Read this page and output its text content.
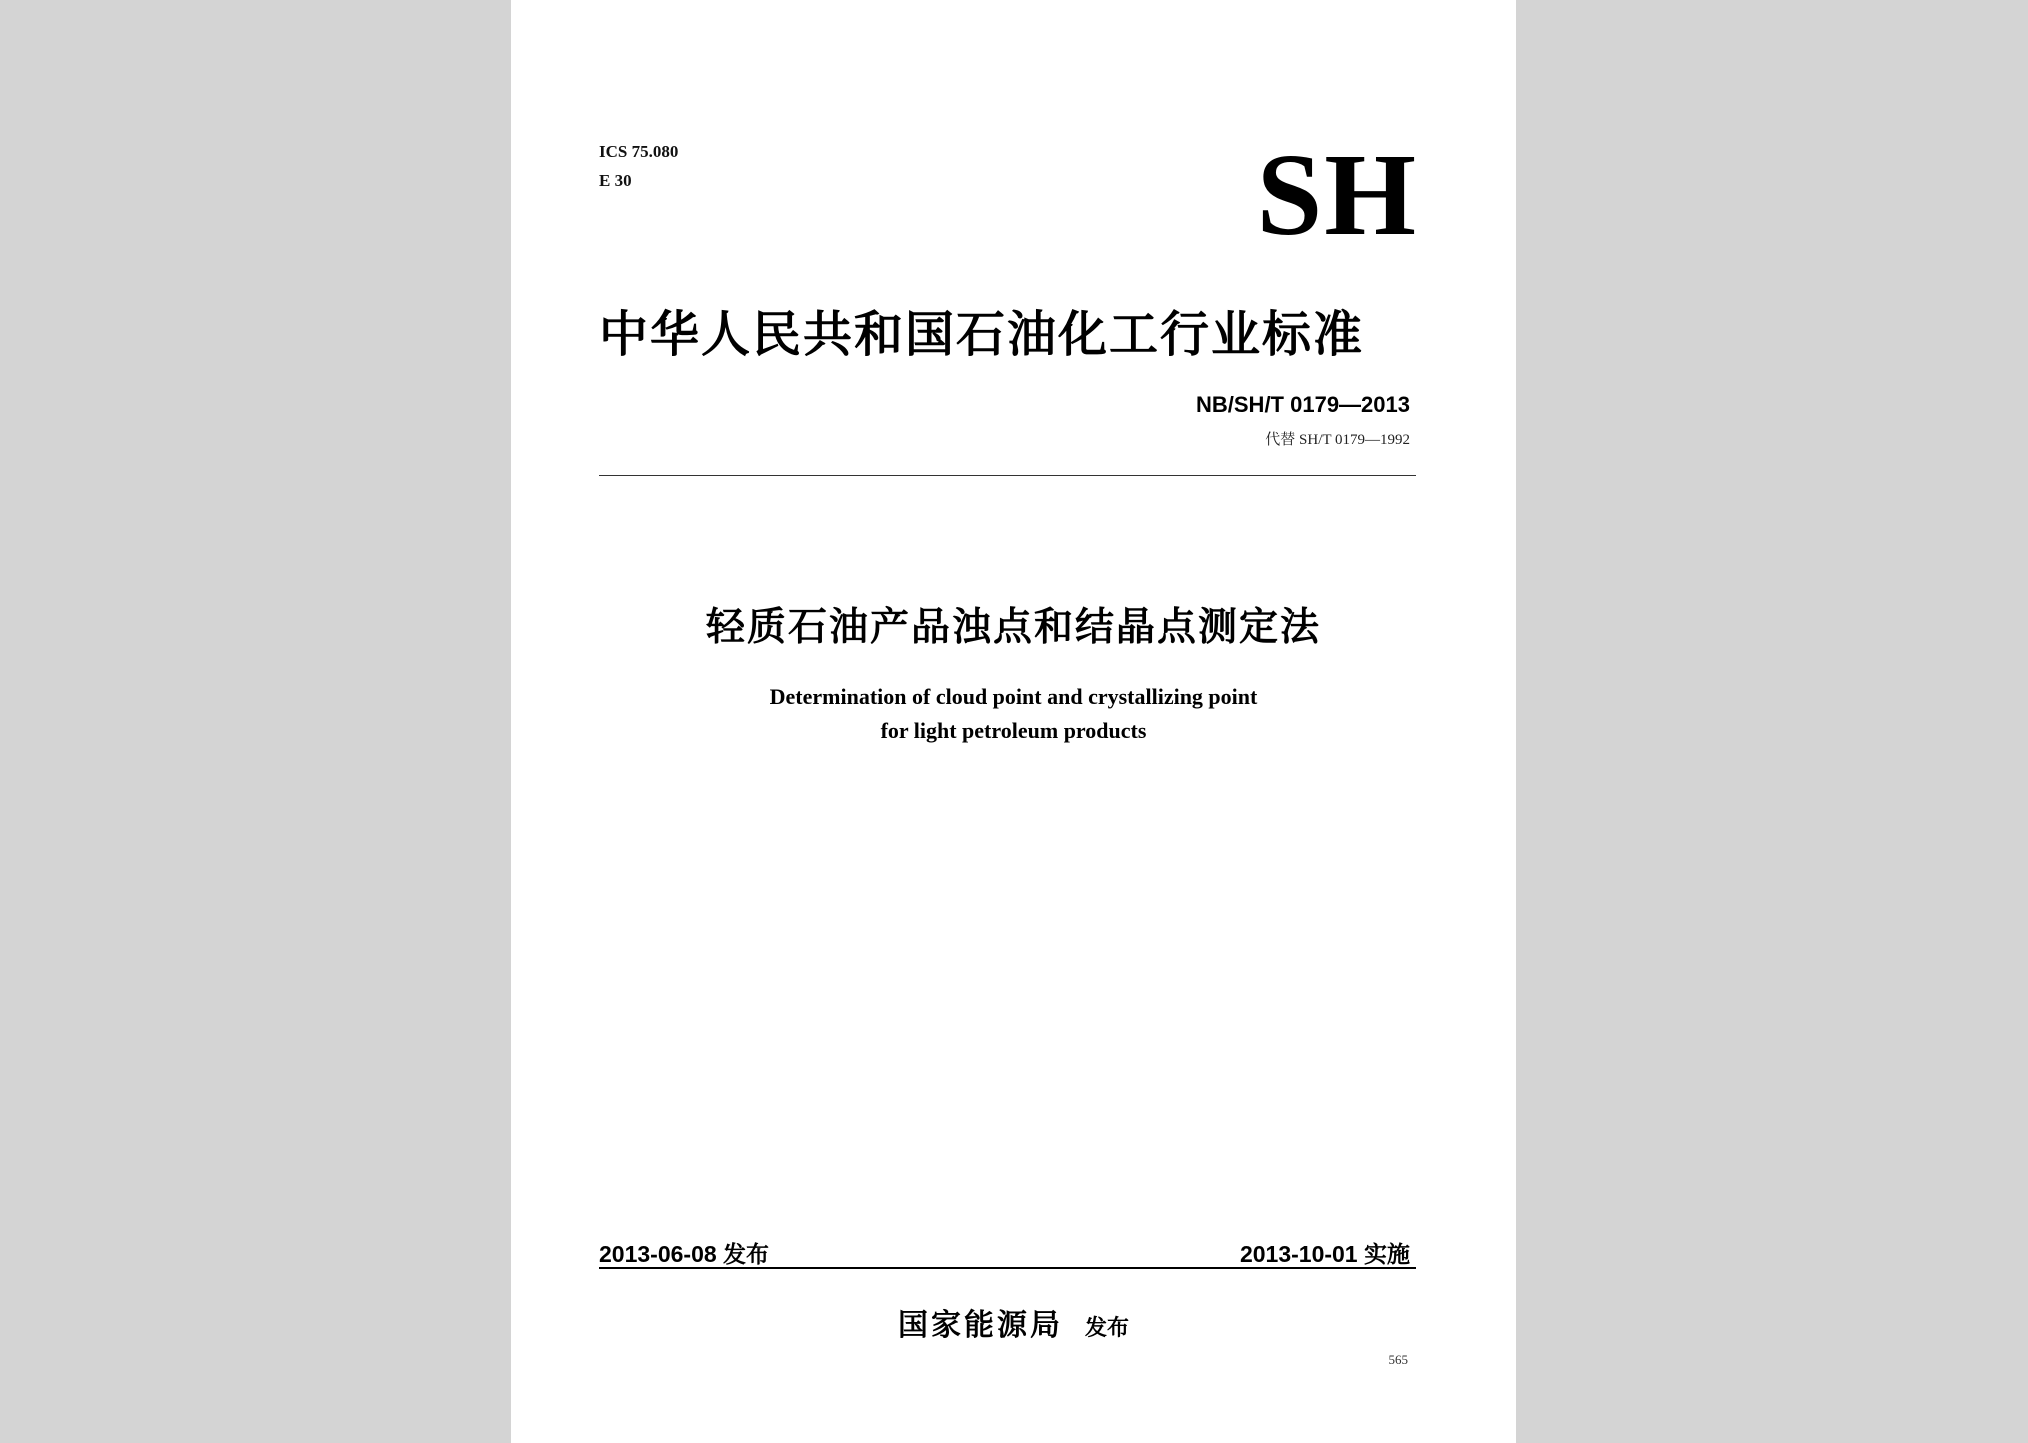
ICS 75.080

E 30	SH
中华人民共和国石油化工行业标准
NB/SH/T 0179—2013
代替 SH/T 0179—1992
轻质石油产品浊点和结晶点测定法
Determination of cloud point and crystallizing point
for light petroleum products
2013-06-08 发布	2013-10-01 实施
国家能源局 发布
565
